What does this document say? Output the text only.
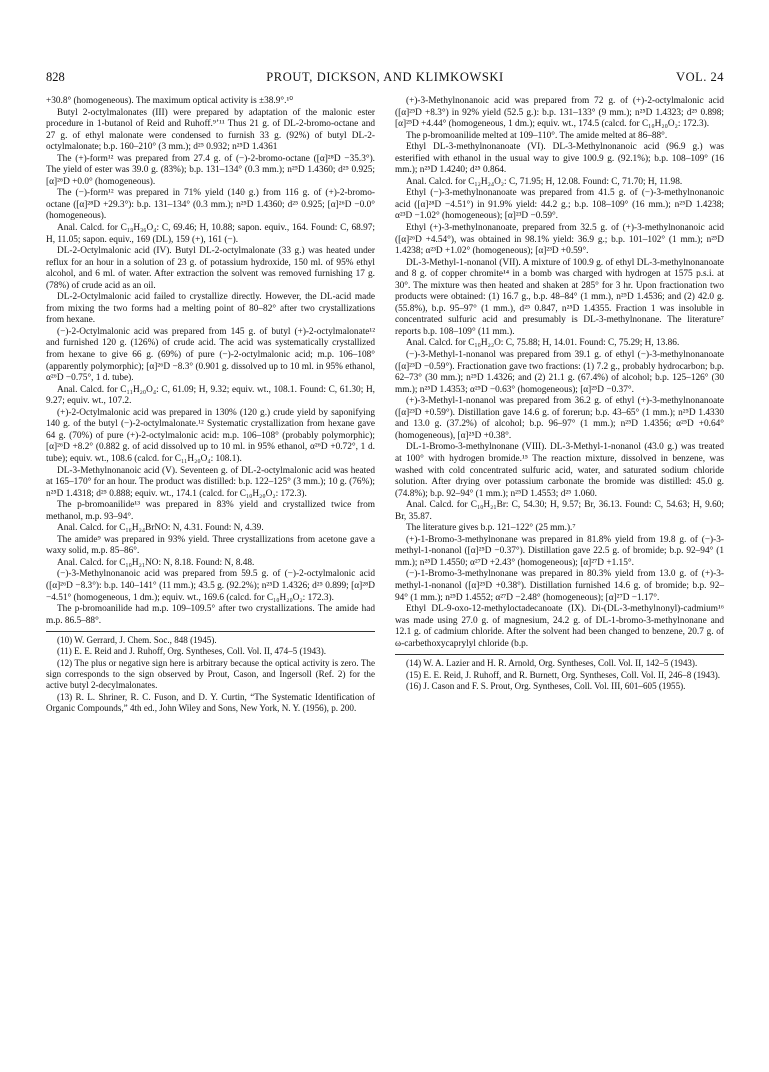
828	PROUT, DICKSON, AND KLIMKOWSKI	VOL. 24

+30.8° (homogeneous). The maximum optical activity is ±38.9°.¹⁰

Butyl 2-octylmalonates (III) were prepared by adaptation of the malonic ester procedure in 1-butanol of Reid and Ruhoff.⁹ʼ¹¹ Thus 21 g. of DL-2-bromo-octane and 27 g. of ethyl malonate were condensed to furnish 33 g. (92%) of butyl DL-2-octylmalonate; b.p. 160–210° (3 mm.); d²⁵ 0.932; n²⁵D 1.4361

The (+)-form¹² was prepared from 27.4 g. of (−)-2-bromo-octane ([α]²⁸D −35.3°). The yield of ester was 39.0 g. (83%); b.p. 131–134° (0.3 mm.); n²⁵D 1.4360; d²⁵ 0.925; [α]²⁶D +0.0° (homogeneous).

The (−)-form¹² was prepared in 71% yield (140 g.) from 116 g. of (+)-2-bromo-octane ([α]²⁸D +29.3°): b.p. 131–134° (0.3 mm.); n²⁵D 1.4360; d²⁵ 0.925; [α]²⁶D −0.0° (homogeneous).

Anal. Calcd. for C₁₉H₃₆O₄: C, 69.46; H, 10.88; sapon. equiv., 164. Found: C, 68.97; H, 11.05; sapon. equiv., 169 (DL), 159 (+), 161 (−).

DL-2-Octylmalonic acid (IV). Butyl DL-2-octylmalonate (33 g.) was heated under reflux for an hour in a solution of 23 g. of potassium hydroxide, 150 ml. of 95% ethyl alcohol, and 6 ml. of water. After extraction the solvent was removed furnishing 17 g. (78%) of crude acid as an oil.

DL-2-Octylmalonic acid failed to crystallize directly. However, the DL-acid made from mixing the two forms had a melting point of 80–82° after two crystallizations from hexane.

(−)-2-Octylmalonic acid was prepared from 145 g. of butyl (+)-2-octylmalonate¹² and furnished 120 g. (126%) of crude acid. The acid was systematically crystallized from hexane to give 66 g. (69%) of pure (−)-2-octylmalonic acid; m.p. 106–108° (apparently polymorphic); [α]²⁶D −8.3° (0.901 g. dissolved up to 10 ml. in 95% ethanol, α²⁶D −0.75°, 1 d. tube).

Anal. Calcd. for C₁₁H₂₀O₄: C, 61.09; H, 9.32; equiv. wt., 108.1. Found: C, 61.30; H, 9.27; equiv. wt., 107.2.

(+)-2-Octylmalonic acid was prepared in 130% (120 g.) crude yield by saponifying 140 g. of the butyl (−)-2-octylmalonate.¹² Systematic crystallization from hexane gave 64 g. (70%) of pure (+)-2-octylmalonic acid: m.p. 106–108° (probably polymorphic); [α]²⁶D +8.2° (0.882 g. of acid dissolved up to 10 ml. in 95% ethanol, α²⁶D +0.72°, 1 d. tube); equiv. wt., 108.6 (calcd. for C₁₁H₂₀O₄: 108.1).

DL-3-Methylnonanoic acid (V). Seventeen g. of DL-2-octylmalonic acid was heated at 165–170° for an hour. The product was distilled: b.p. 122–125° (3 mm.); 10 g. (76%); n²⁵D 1.4318; d²⁵ 0.888; equiv. wt., 174.1 (calcd. for C₁₀H₂₀O₂: 172.3).

The p-bromoanilide¹³ was prepared in 83% yield and crystallized twice from methanol, m.p. 93–94°.

Anal. Calcd. for C₁₆H₂₄BrNO: N, 4.31. Found: N, 4.39.

The amide⁹ was prepared in 93% yield. Three crystallizations from acetone gave a waxy solid, m.p. 85–86°.

Anal. Calcd. for C₁₀H₂₁NO: N, 8.18. Found: N, 8.48.

(−)-3-Methylnonanoic acid was prepared from 59.5 g. of (−)-2-octylmalonic acid ([α]²⁶D −8.3°): b.p. 140–141° (11 mm.); 43.5 g. (92.2%); n²⁵D 1.4326; d²⁵ 0.899; [α]²⁸D −4.51° (homogeneous, 1 dm.); equiv. wt., 169.6 (calcd. for C₁₀H₂₀O₂: 172.3).

The p-bromoanilide had m.p. 109–109.5° after two crystallizations. The amide had m.p. 86.5–88°.

(10) W. Gerrard, J. Chem. Soc., 848 (1945).

(11) E. E. Reid and J. Ruhoff, Org. Syntheses, Coll. Vol. II, 474–5 (1943).

(12) The plus or negative sign here is arbitrary because the optical activity is zero. The sign corresponds to the sign observed by Prout, Cason, and Ingersoll (Ref. 2) for the active butyl 2-decylmalonates.

(13) R. L. Shriner, R. C. Fuson, and D. Y. Curtin, “The Systematic Identification of Organic Compounds,” 4th ed., John Wiley and Sons, New York, N. Y. (1956), p. 200.

(+)-3-Methylnonanoic acid was prepared from 72 g. of (+)-2-octylmalonic acid ([α]²⁵D +8.3°) in 92% yield (52.5 g.): b.p. 131–133° (9 mm.); n²⁵D 1.4323; d²⁵ 0.898; [α]²⁵D +4.44° (homogeneous, 1 dm.); equiv. wt., 174.5 (calcd. for C₁₀H₂₀O₂: 172.3).

The p-bromoanilide melted at 109–110°. The amide melted at 86–88°.

Ethyl DL-3-methylnonanoate (VI). DL-3-Methylnonanoic acid (96.9 g.) was esterified with ethanol in the usual way to give 100.9 g. (92.1%); b.p. 108–109° (16 mm.); n²⁵D 1.4240; d²⁵ 0.864.

Anal. Calcd. for C₁₂H₂₄O₂: C, 71.95; H, 12.08. Found: C, 71.70; H, 11.98.

Ethyl (−)-3-methylnonanoate was prepared from 41.5 g. of (−)-3-methylnonanoic acid ([α]²⁸D −4.51°) in 91.9% yield: 44.2 g.; b.p. 108–109° (16 mm.); n²⁵D 1.4238; α²³D −1.02° (homogeneous); [α]²³D −0.59°.

Ethyl (+)-3-methylnonanoate, prepared from 32.5 g. of (+)-3-methylnonanoic acid ([α]²⁶D +4.54°), was obtained in 98.1% yield: 36.9 g.; b.p. 101–102° (1 mm.); n²⁵D 1.4238; α²³D +1.02° (homogeneous); [α]²³D +0.59°.

DL-3-Methyl-1-nonanol (VII). A mixture of 100.9 g. of ethyl DL-3-methylnonanoate and 8 g. of copper chromite¹⁴ in a bomb was charged with hydrogen at 1575 p.s.i. at 30°. The mixture was then heated and shaken at 285° for 3 hr. Upon fractionation two products were obtained: (1) 16.7 g., b.p. 48–84° (1 mm.), n²⁵D 1.4536; and (2) 42.0 g. (55.8%), b.p. 95–97° (1 mm.), d²⁵ 0.847, n²⁵D 1.4355. Fraction 1 was insoluble in concentrated sulfuric acid and presumably is DL-3-methylnonane. The literature⁷ reports b.p. 108–109° (11 mm.).

Anal. Calcd. for C₁₀H₂₂O: C, 75.88; H, 14.01. Found: C, 75.29; H, 13.86.

(−)-3-Methyl-1-nonanol was prepared from 39.1 g. of ethyl (−)-3-methylnonanoate ([α]²³D −0.59°). Fractionation gave two fractions: (1) 7.2 g., probably hydrocarbon; b.p. 62–73° (30 mm.); n²⁵D 1.4326; and (2) 21.1 g. (67.4%) of alcohol; b.p. 125–126° (30 mm.); n²⁵D 1.4353; α²⁵D −0.63° (homogeneous); [α]²⁵D −0.37°.

(+)-3-Methyl-1-nonanol was prepared from 36.2 g. of ethyl (+)-3-methylnonanoate ([α]²³D +0.59°). Distillation gave 14.6 g. of forerun; b.p. 43–65° (1 mm.); n²⁵D 1.4330 and 13.0 g. (37.2%) of alcohol; b.p. 96–97° (1 mm.); n²⁵D 1.4356; α²⁵D +0.64° (homogeneous), [α]²⁵D +0.38°.

DL-1-Bromo-3-methylnonane (VIII). DL-3-Methyl-1-nonanol (43.0 g.) was treated at 100° with hydrogen bromide.¹⁵ The reaction mixture, dissolved in benzene, was washed with cold concentrated sulfuric acid, water, and saturated sodium chloride solution. After drying over potassium carbonate the bromide was distilled: 45.0 g. (74.8%); b.p. 92–94° (1 mm.); n²⁵D 1.4553; d²⁵ 1.060.

Anal. Calcd. for C₁₀H₂₁Br: C, 54.30; H, 9.57; Br, 36.13. Found: C, 54.63; H, 9.60; Br, 35.87.

The literature gives b.p. 121–122° (25 mm.).⁷

(+)-1-Bromo-3-methylnonane was prepared in 81.8% yield from 19.8 g. of (−)-3-methyl-1-nonanol ([α]²⁵D −0.37°). Distillation gave 22.5 g. of bromide; b.p. 92–94° (1 mm.); n²⁵D 1.4550; α²⁷D +2.43° (homogeneous); [α]²⁷D +1.15°.

(−)-1-Bromo-3-methylnonane was prepared in 80.3% yield from 13.0 g. of (+)-3-methyl-1-nonanol ([α]²⁵D +0.38°). Distillation furnished 14.6 g. of bromide; b.p. 92–94° (1 mm.); n²⁵D 1.4552; α²⁷D −2.48° (homogeneous); [α]²⁷D −1.17°.

Ethyl DL-9-oxo-12-methyloctadecanoate (IX). Di-(DL-3-methylnonyl)-cadmium¹⁶ was made using 27.0 g. of magnesium, 24.2 g. of DL-1-bromo-3-methylnonane and 12.1 g. of cadmium chloride. After the solvent had been changed to benzene, 20.7 g. of ω-carbethoxycaprylyl chloride (b.p.

(14) W. A. Lazier and H. R. Arnold, Org. Syntheses, Coll. Vol. II, 142–5 (1943).

(15) E. E. Reid, J. Ruhoff, and R. Burnett, Org. Syntheses, Coll. Vol. II, 246–8 (1943).

(16) J. Cason and F. S. Prout, Org. Syntheses, Coll. Vol. III, 601–605 (1955).
